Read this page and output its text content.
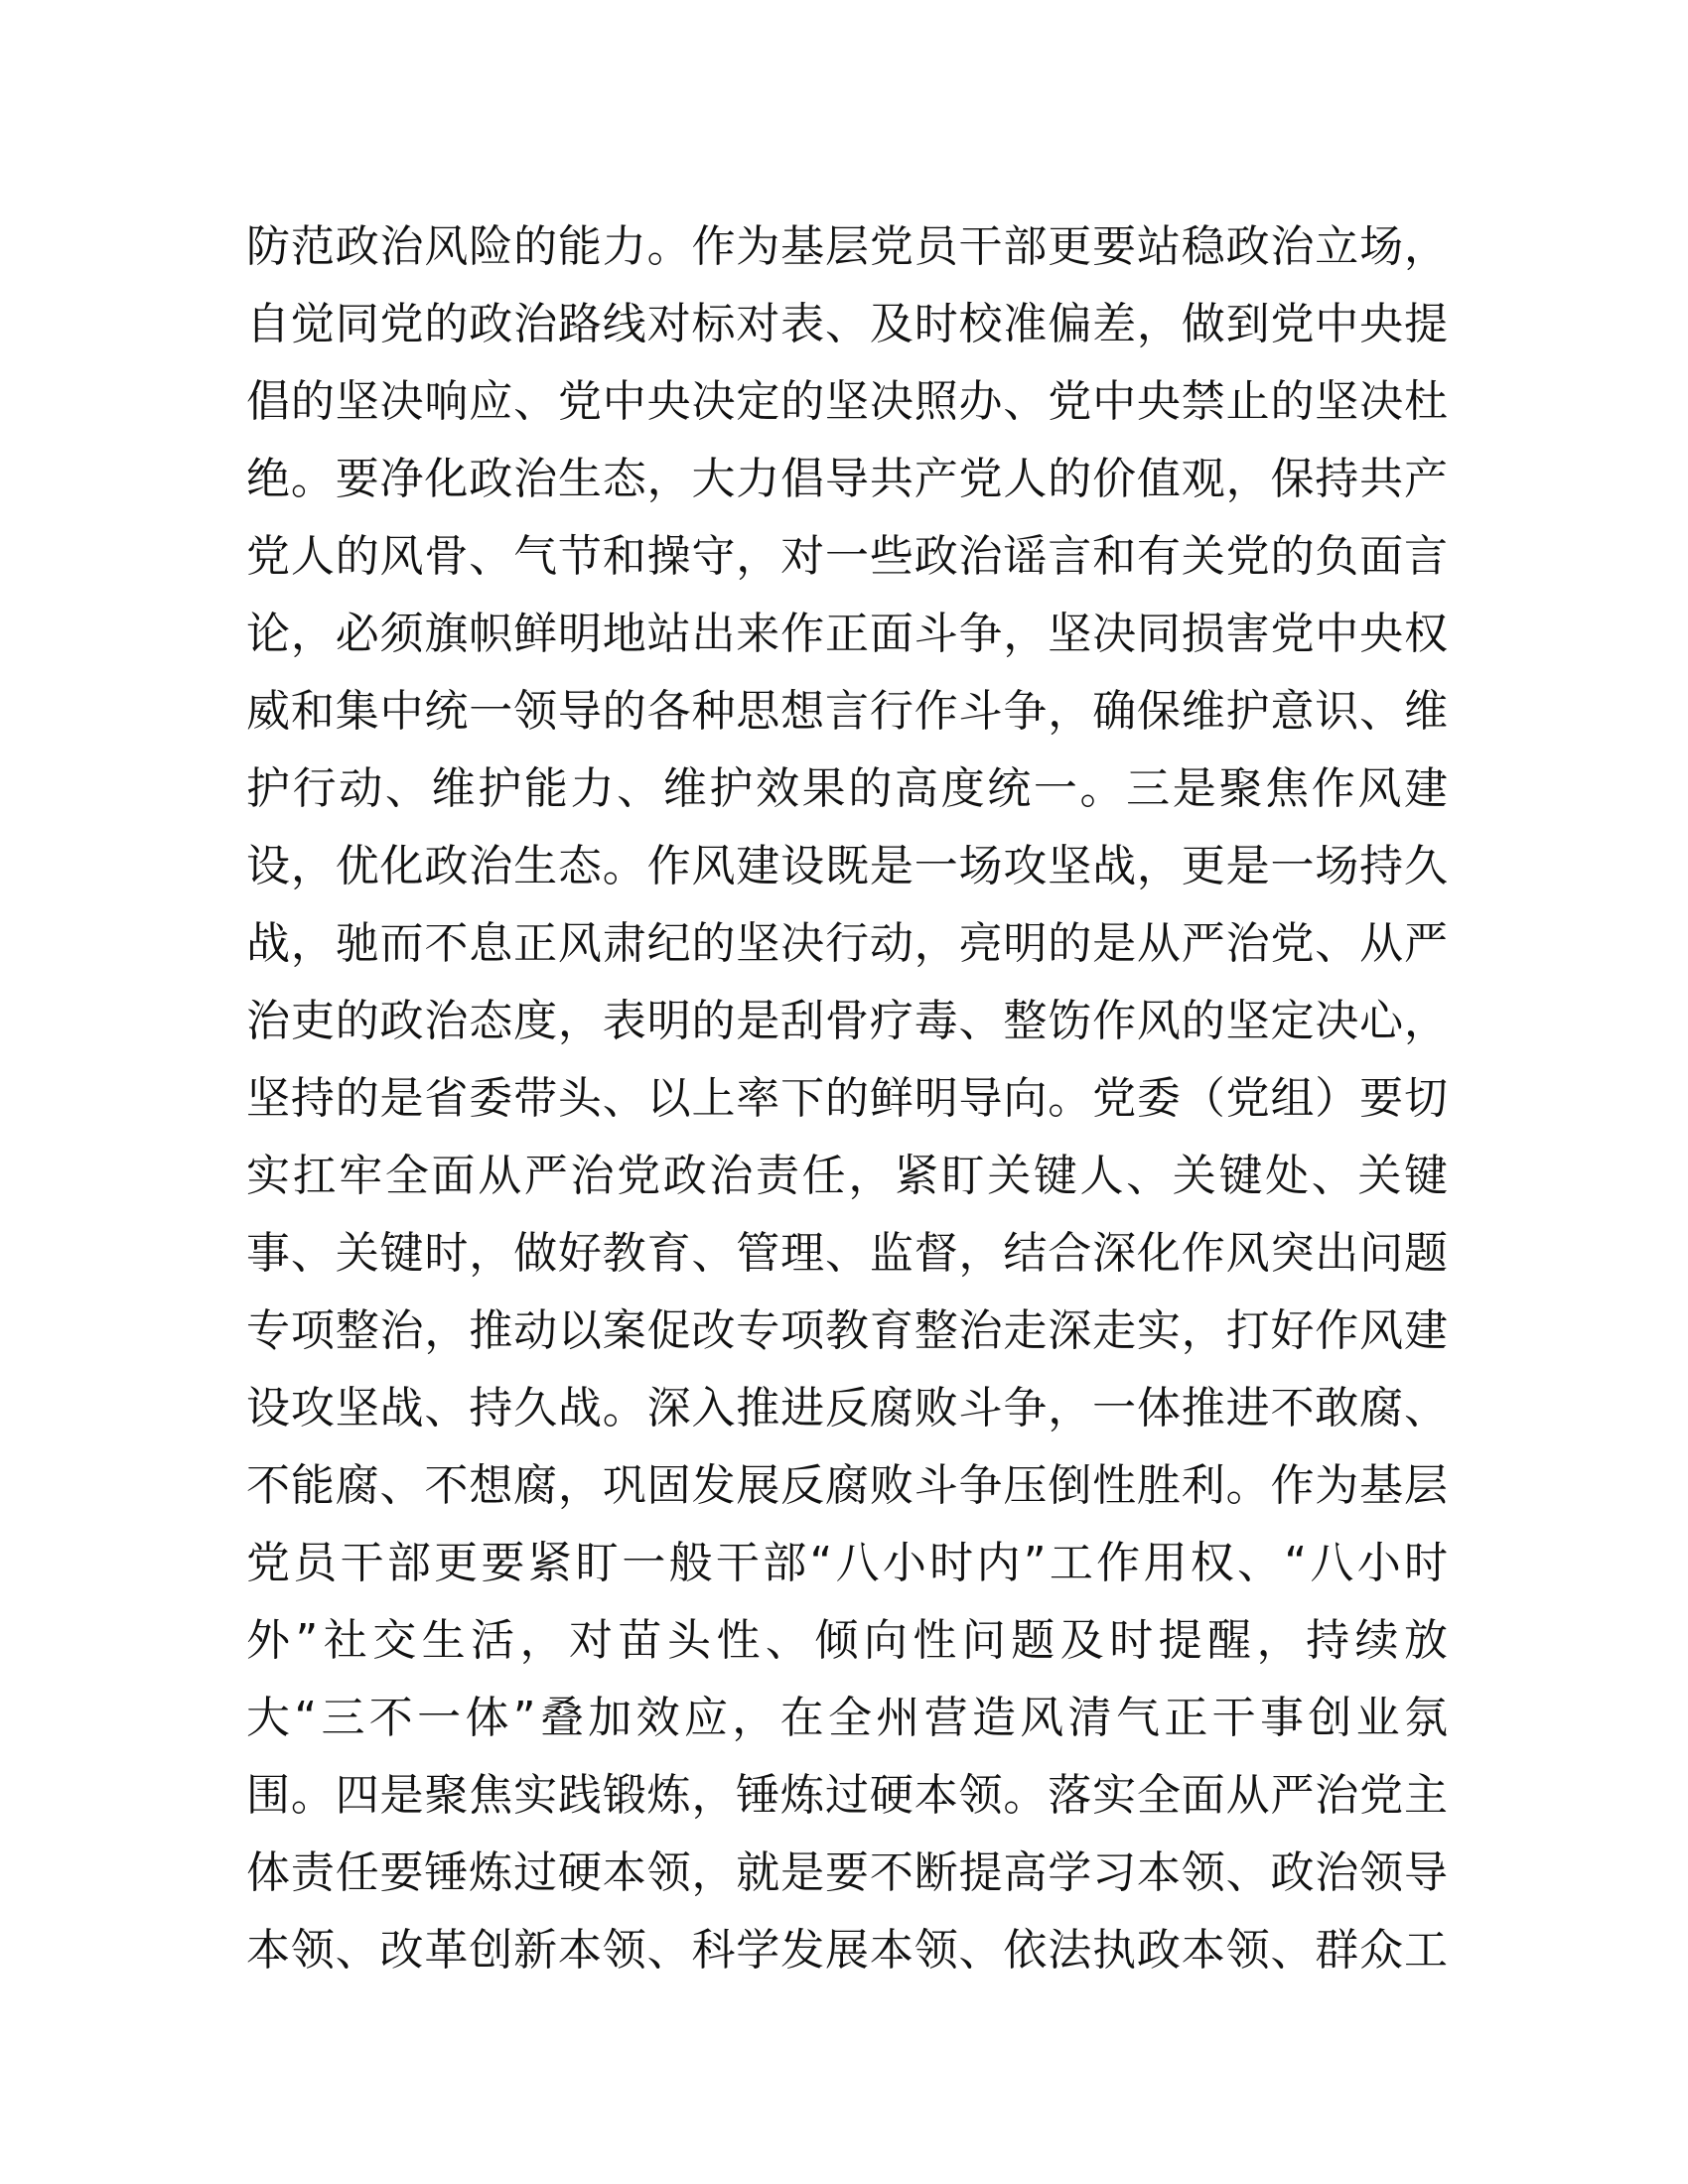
防范政治风险的能力。作为基层党员干部更要站稳政治立场，
自觉同党的政治路线对标对表、及时校准偏差，做到党中央提
倡的坚决响应、党中央决定的坚决照办、党中央禁止的坚决杜
绝。要净化政治生态，大力倡导共产党人的价值观，保持共产
党人的风骨、气节和操守，对一些政治谣言和有关党的负面言
论，必须旗帜鲜明地站出来作正面斗争，坚决同损害党中央权
威和集中统一领导的各种思想言行作斗争，确保维护意识、维
护行动、维护能力、维护效果的高度统一。三是聚焦作风建
设，优化政治生态。作风建设既是一场攻坚战，更是一场持久
战，驰而不息正风肃纪的坚决行动，亮明的是从严治党、从严
治吏的政治态度，表明的是刮骨疗毒、整饬作风的坚定决心，
坚持的是省委带头、以上率下的鲜明导向。党委（党组）要切
实扛牢全面从严治党政治责任，紧盯关键人、关键处、关键
事、关键时，做好教育、管理、监督，结合深化作风突出问题
专项整治，推动以案促改专项教育整治走深走实，打好作风建
设攻坚战、持久战。深入推进反腐败斗争，一体推进不敢腐、
不能腐、不想腐，巩固发展反腐败斗争压倒性胜利。作为基层
党员干部更要紧盯一般干部“八小时内”工作用权、“八小时
外”社交生活，对苗头性、倾向性问题及时提醒，持续放
大“三不一体”叠加效应，在全州营造风清气正干事创业氛
围。四是聚焦实践锻炼，锤炼过硬本领。落实全面从严治党主
体责任要锤炼过硬本领，就是要不断提高学习本领、政治领导
本领、改革创新本领、科学发展本领、依法执政本领、群众工
